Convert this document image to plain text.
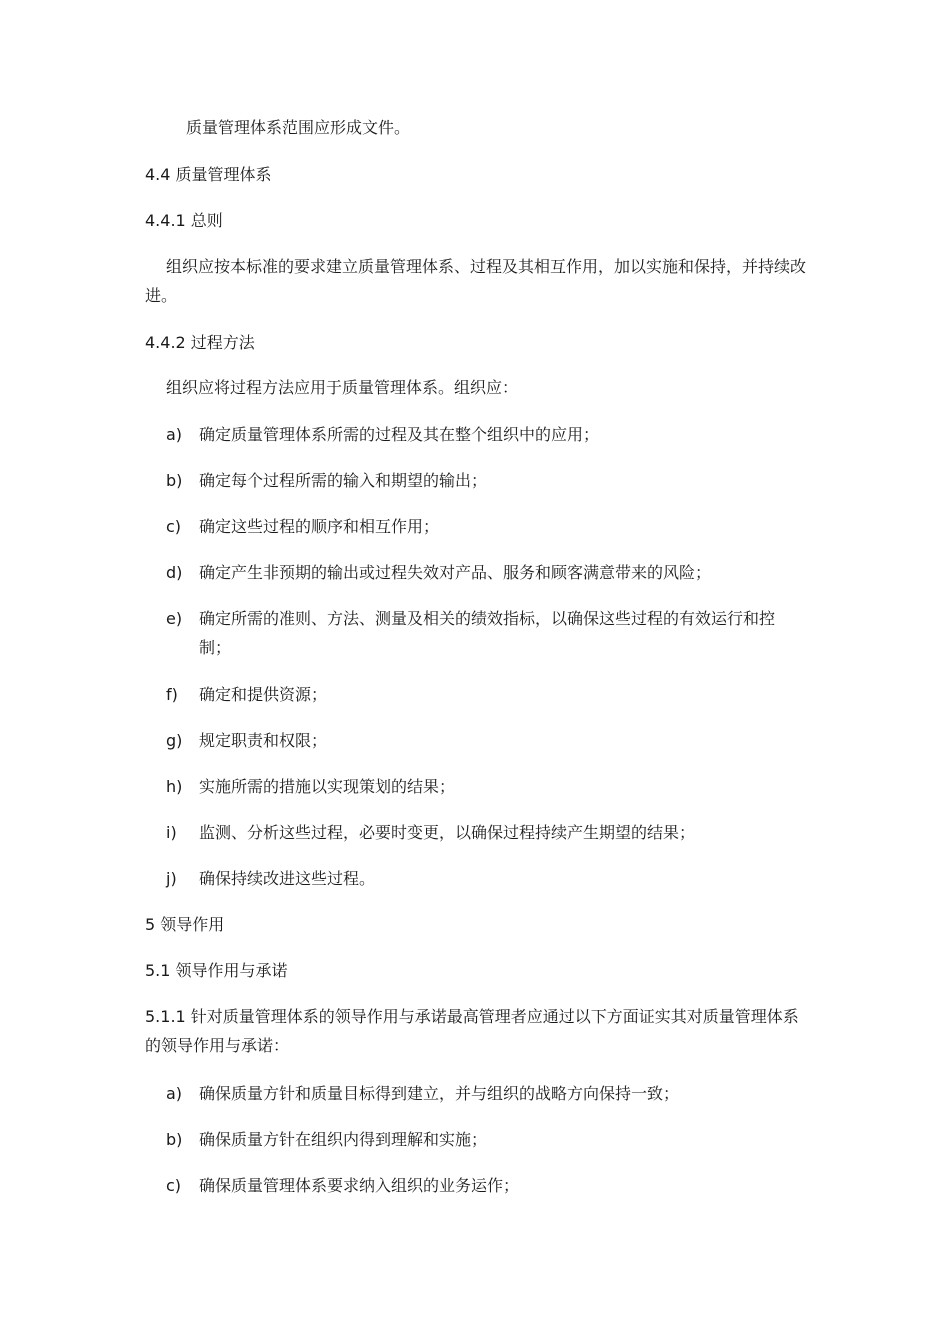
质量管理体系范围应形成文件。
4.4 质量管理体系
4.4.1 总则
组织应按本标准的要求建立质量管理体系、过程及其相互作用，加以实施和保持，并持续改进。
4.4.2 过程方法
组织应将过程方法应用于质量管理体系。组织应：
a) 确定质量管理体系所需的过程及其在整个组织中的应用；
b) 确定每个过程所需的输入和期望的输出；
c) 确定这些过程的顺序和相互作用；
d) 确定产生非预期的输出或过程失效对产品、服务和顾客满意带来的风险；
e) 确定所需的准则、方法、测量及相关的绩效指标，以确保这些过程的有效运行和控制；
f) 确定和提供资源；
g) 规定职责和权限；
h) 实施所需的措施以实现策划的结果；
i) 监测、分析这些过程，必要时变更，以确保过程持续产生期望的结果；
j) 确保持续改进这些过程。
5 领导作用
5.1 领导作用与承诺
5.1.1 针对质量管理体系的领导作用与承诺最高管理者应通过以下方面证实其对质量管理体系的领导作用与承诺：
a) 确保质量方针和质量目标得到建立，并与组织的战略方向保持一致；
b) 确保质量方针在组织内得到理解和实施；
c) 确保质量管理体系要求纳入组织的业务运作；
